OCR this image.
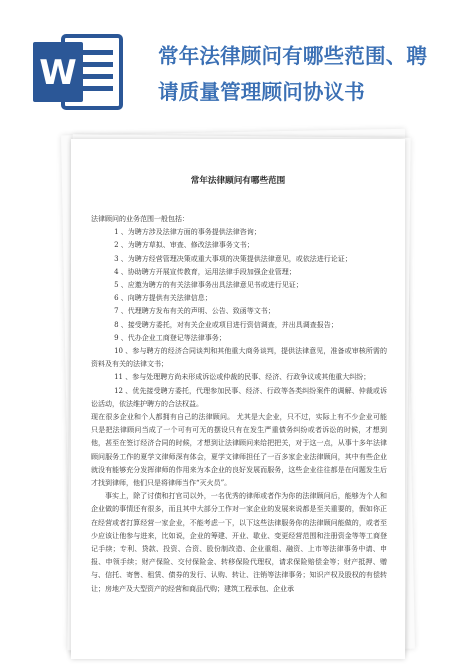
W	常年法律顾问有哪些范围、聘
请质量管理顾问协议书
常年法律顾问有哪些范围

法律顾问的业务范围一般包括：

1 、为聘方涉及法律方面的事务提供法律咨询；

2 、为聘方草拟、审查、修改法律事务文书；

3 、为聘方经营管理决策或重大事项的决策提供法律意见，或依法进行论证；

4 、协助聘方开展宣传教育，运用法律手段加强企业管理；

5 、应邀为聘方的有关法律事务出具法律意见书或进行见证；

6 、向聘方提供有关法律信息；

7 、代理聘方发布有关的声明、公告、致函等文书；

8 、接受聘方委托，对有关企业或项目进行资信调查，并出具调查报告；

9 、代办企业工商登记等法律事务；

10 、参与聘方的经济合同谈判和其他重大商务谈判，提供法律意见，准备或审核所需的资料及有关的法律文书；

11 、参与处理聘方尚未形成诉讼或仲裁的民事、经济、行政争议或其他重大纠纷；

12 、优先接受聘方委托，代理参加民事、经济、行政等各类纠纷案件的调解、仲裁或诉讼活动，依法维护聘方的合法权益。

现在很多企业和个人都拥有自己的法律顾问。 尤其是大企业，只不过，实际上有不少企业可能只是把法律顾问当成了一个可有可无的摆设只有在发生严重债务纠纷或者诉讼的时候，才想到他，甚至在签订经济合同的时候，才想到让法律顾问来给把把关，对于这一点，从事十多年法律顾问服务工作的夏学文律师深有体会，夏学文律师担任了一百多家企业法律顾问，其中有些企业就没有能够充分发挥律师的作用来为本企业的良好发展而服务，这些企业往往都是在问题发生后才找到律师，他们只是将律师当作“灭火员”。

事实上，除了讨债和打官司以外，一名优秀的律师或者作为你的法律顾问后，能够为个人和企业做的事情还有很多，而且其中大部分工作对一家企业的发展来说都是至关重要的，假如你正在经营或者打算经营一家企业，不能考虑一下，以下这些法律服务你的法律顾问能做的，或者至少应该让他参与进来，比如说，企业的筹建、开业、歇业、变更经营范围和注册资金等等工商登记手续；专利、贷款、投资、合资、股份制改造、企业重组、融资、上市等法律事务中请、申报、申领手续；财产保险、交付保险金、转移保险代理权，请求保险赔偿金等；财产抵押、赠与、信托、寄售、租赁、债券的发行、认购、转让、注销等法律事务；知识产权及股权的有偿转让；房地产及大型资产的经营和商品代购；建筑工程承包、企业承
